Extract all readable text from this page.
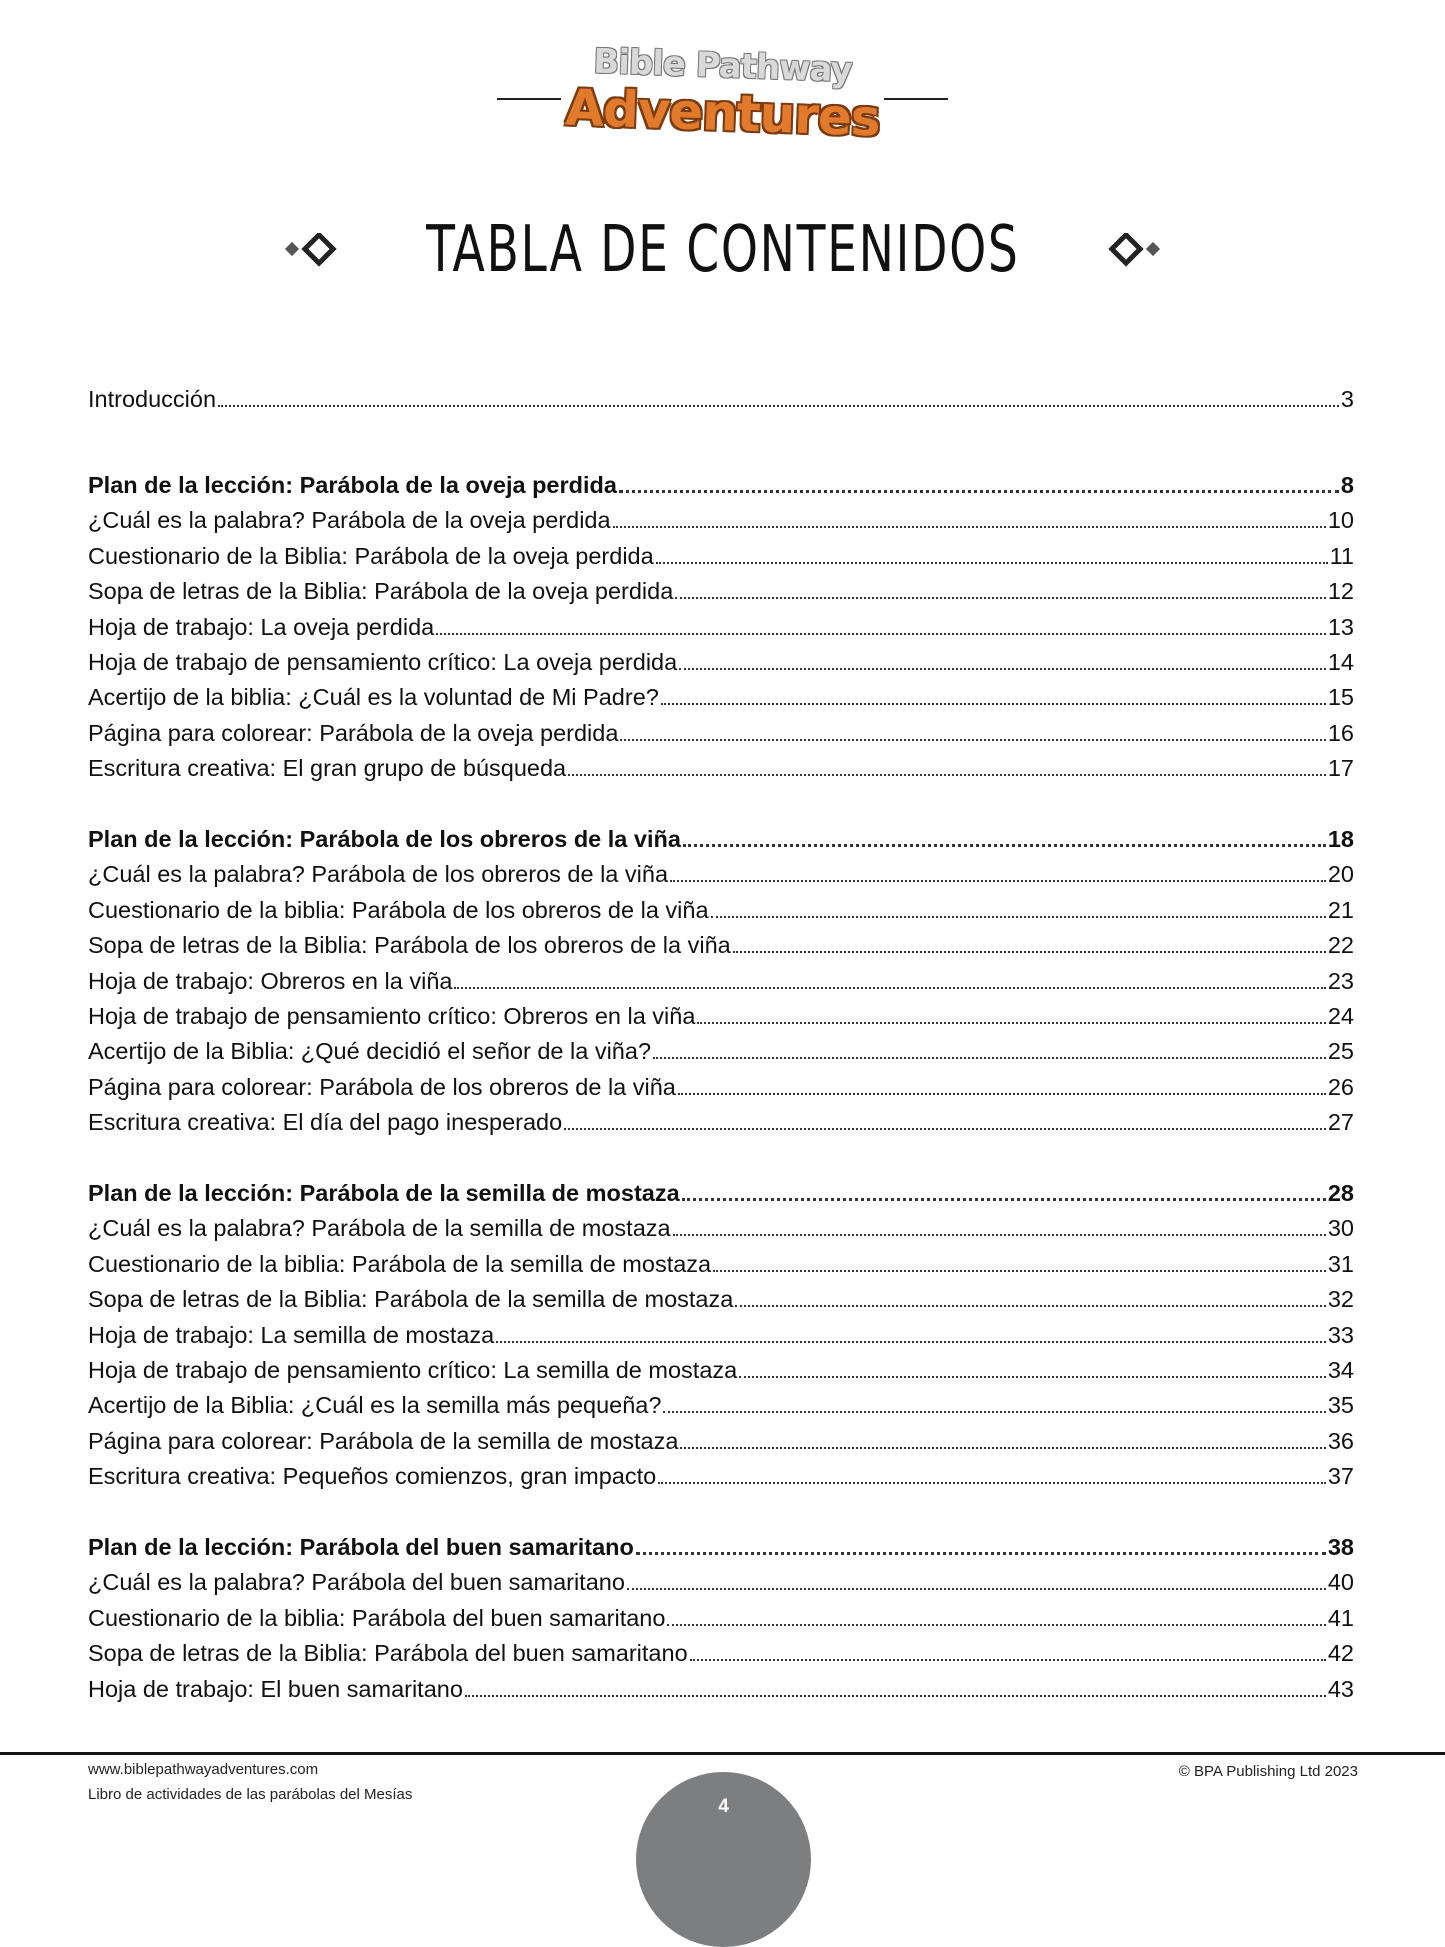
Bible Pathway
Adventures
TABLA DE CONTENIDOS
Introducción	3
Plan de la lección: Parábola de la oveja perdida	8
¿Cuál es la palabra? Parábola de la oveja perdida	10
Cuestionario de la Biblia: Parábola de la oveja perdida	11
Sopa de letras de la Biblia: Parábola de la oveja perdida	12
Hoja de trabajo: La oveja perdida	13
Hoja de trabajo de pensamiento crítico: La oveja perdida	14
Acertijo de la biblia: ¿Cuál es la voluntad de Mi Padre?	15
Página para colorear: Parábola de la oveja perdida	16
Escritura creativa: El gran grupo de búsqueda	17
Plan de la lección: Parábola de los obreros de la viña	18
¿Cuál es la palabra? Parábola de los obreros de la viña	20
Cuestionario de la biblia: Parábola de los obreros de la viña	21
Sopa de letras de la Biblia: Parábola de los obreros de la viña	22
Hoja de trabajo: Obreros en la viña	23
Hoja de trabajo de pensamiento crítico: Obreros en la viña	24
Acertijo de la Biblia: ¿Qué decidió el señor de la viña?	25
Página para colorear: Parábola de los obreros de la viña	26
Escritura creativa: El día del pago inesperado	27
Plan de la lección: Parábola de la semilla de mostaza	28
¿Cuál es la palabra? Parábola de la semilla de mostaza	30
Cuestionario de la biblia: Parábola de la semilla de mostaza	31
Sopa de letras de la Biblia: Parábola de la semilla de mostaza	32
Hoja de trabajo: La semilla de mostaza	33
Hoja de trabajo de pensamiento crítico: La semilla de mostaza	34
Acertijo de la Biblia: ¿Cuál es la semilla más pequeña?	35
Página para colorear: Parábola de la semilla de mostaza	36
Escritura creativa: Pequeños comienzos, gran impacto	37
Plan de la lección: Parábola del buen samaritano	38
¿Cuál es la palabra? Parábola del buen samaritano	40
Cuestionario de la biblia: Parábola del buen samaritano	41
Sopa de letras de la Biblia: Parábola del buen samaritano	42
Hoja de trabajo: El buen samaritano	43
www.biblepathwayadventures.com
Libro de actividades de las parábolas del Mesías
© BPA Publishing Ltd 2023
4
